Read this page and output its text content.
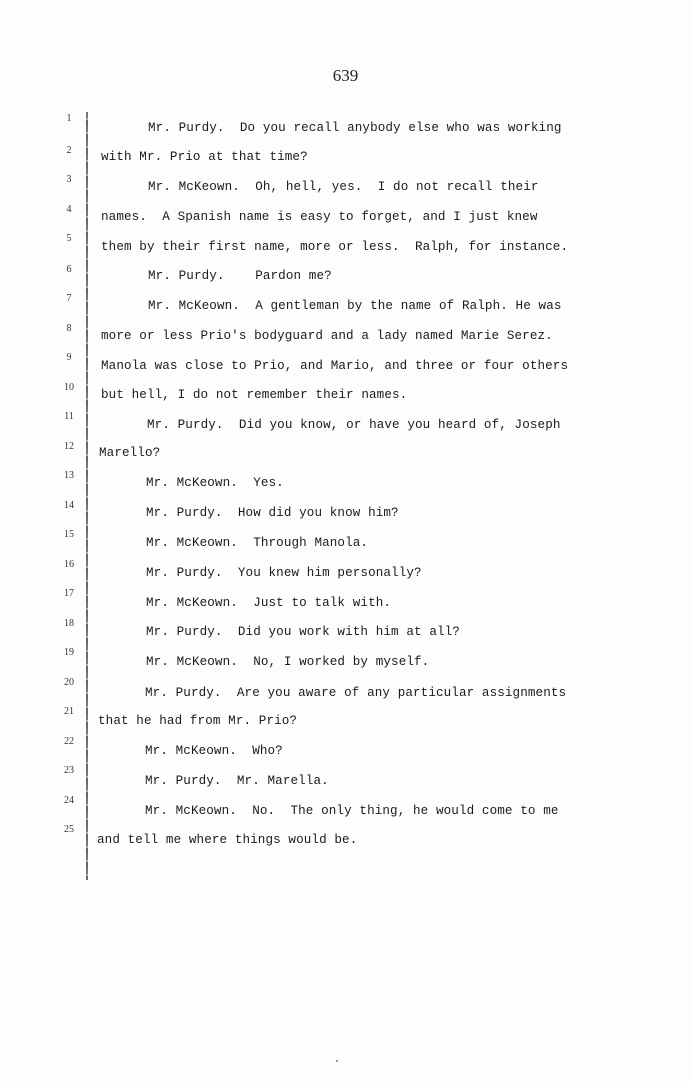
639
1
2
3
4
5
6
7
8
9
10
11
12
13
14
15
16
17
18
19
20
21
22
23
24
25
Mr. Purdy.  Do you recall anybody else who was working
with Mr. Prio at that time?
Mr. McKeown.  Oh, hell, yes.  I do not recall their
names.  A Spanish name is easy to forget, and I just knew
them by their first name, more or less.  Ralph, for instance.
Mr. Purdy.    Pardon me?
Mr. McKeown.  A gentleman by the name of Ralph. He was
more or less Prio's bodyguard and a lady named Marie Serez.
Manola was close to Prio, and Mario, and three or four others
but hell, I do not remember their names.
Mr. Purdy.  Did you know, or have you heard of, Joseph
Marello?
Mr. McKeown.  Yes.
Mr. Purdy.  How did you know him?
Mr. McKeown.  Through Manola.
Mr. Purdy.  You knew him personally?
Mr. McKeown.  Just to talk with.
Mr. Purdy.  Did you work with him at all?
Mr. McKeown.  No, I worked by myself.
Mr. Purdy.  Are you aware of any particular assignments
that he had from Mr. Prio?
Mr. McKeown.  Who?
Mr. Purdy.  Mr. Marella.
Mr. McKeown.  No.  The only thing, he would come to me
and tell me where things would be.
